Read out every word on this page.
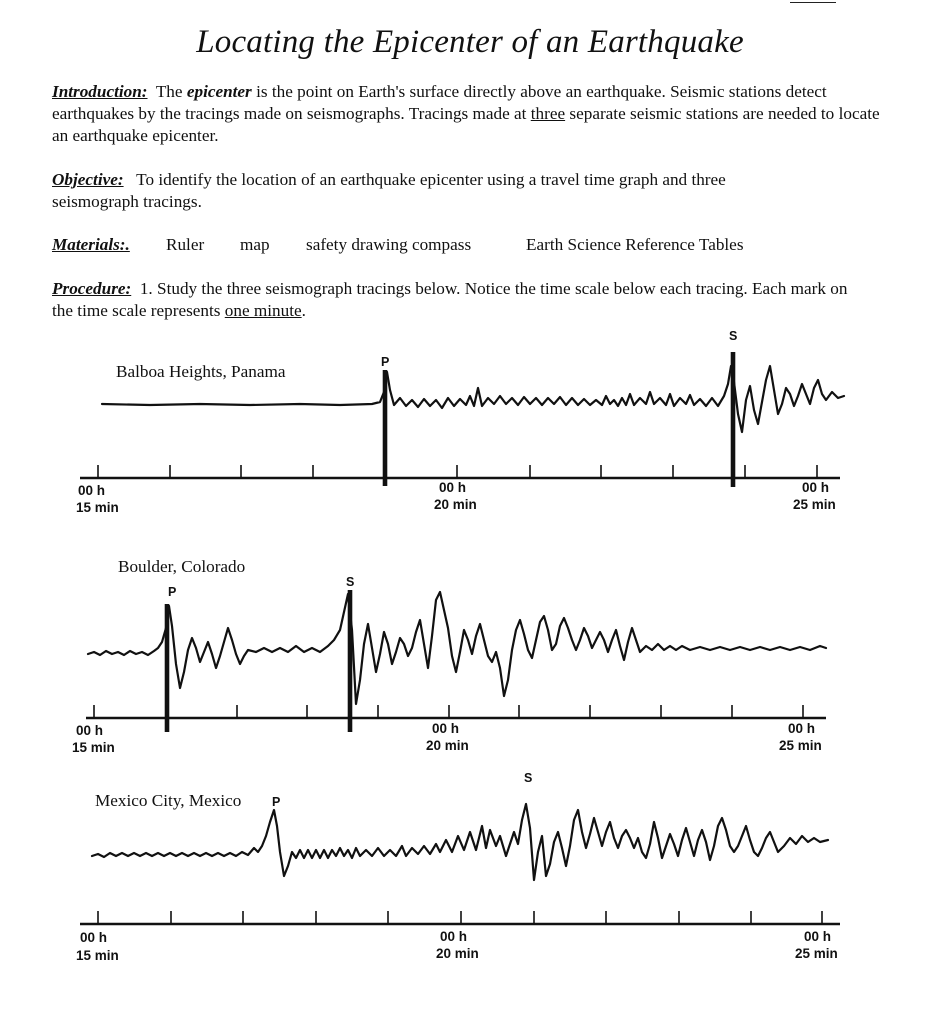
Locating the Epicenter of an Earthquake
Introduction: The epicenter is the point on Earth's surface directly above an earthquake. Seismic stations detect earthquakes by the tracings made on seismographs. Tracings made at three separate seismic stations are needed to locate an earthquake epicenter.
Objective: To identify the location of an earthquake epicenter using a travel time graph and three seismograph tracings.
Materials:. Ruler map safety drawing compass	Earth Science Reference Tables
Procedure: 1. Study the three seismograph tracings below. Notice the time scale below each tracing. Each mark on the time scale represents one minute.
Balboa Heights, Panama
Boulder, Colorado
Mexico City, Mexico
P
S
00 h
15 min
00 h
20 min
00 h
25 min
P
S
00 h
15 min
00 h
20 min
00 h
25 min
P
S
00 h
15 min
00 h
20 min
00 h
25 min
